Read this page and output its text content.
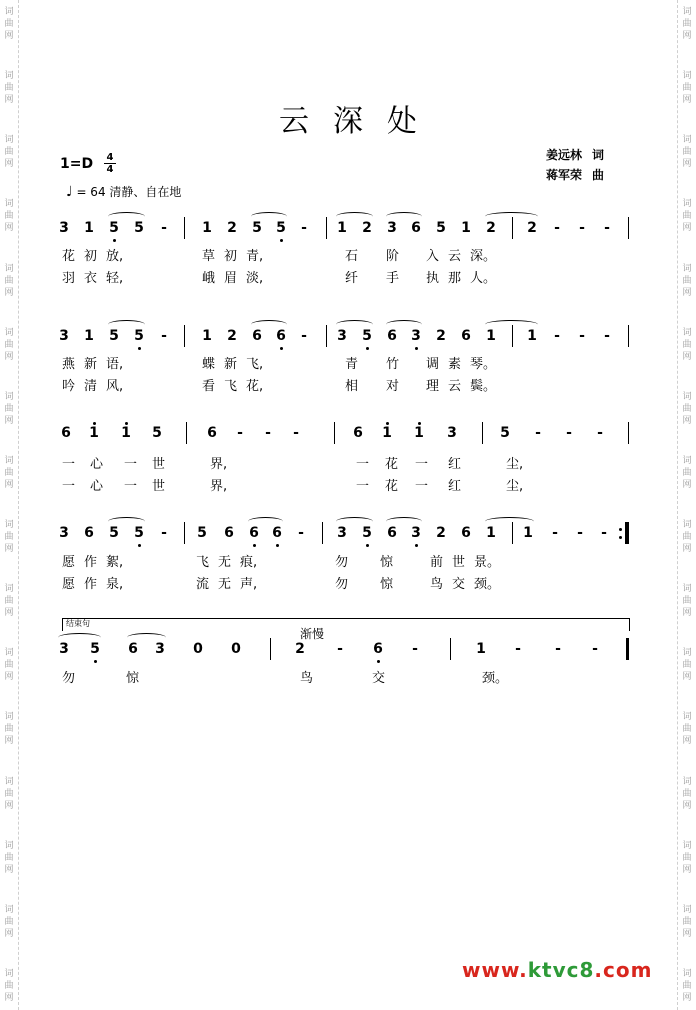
词
曲
网
词
曲
网
词
曲
网
词
曲
网
词
曲
网
词
曲
网
词
曲
网
词
曲
网
词
曲
网
词
曲
网
词
曲
网
词
曲
网
词
曲
网
词
曲
网
词
曲
网
词
曲
网
词
曲
网
词
曲
网
词
曲
网
词
曲
网
词
曲
网
词
曲
网
词
曲
网
词
曲
网
词
曲
网
词
曲
网
词
曲
网
词
曲
网
词
曲
网
词
曲
网
词
曲
网
词
曲
网
云深处
1=D 4
4
♩ = 64 清静、自在地
姜远林 词
蒋军荣 曲
3 1 5 5 -	1 2 5 5 - 1 2 3 6 5 1 2 2 - - -
花 初 放,	草 初 青,	石 阶 入 云 深。
羽 衣 轻,	峨 眉 淡,	纤 手 执 那 人。
3 1 5 5 -	1 2 6 6 - 3 5 6 3 2 6 1 1 - - -
燕 新 语,	蝶 新 飞,	青 竹 调 素 琴。
吟 清 风,	看 飞 花,	相 对 理 云 鬓。
6 1 1 5	6 - - -	6 1 1 3	5 - - -
一 心 一 世	界,	一 花 一 红	尘,
一 心 一 世	界,	一 花 一 红	尘,
3 6 5 5 - 5 6 6 6 - 3 5 6 3 2 6 1 1 - - -
愿 作 絮,	飞 无 痕,	勿 惊	前 世 景。
愿 作 泉,	流 无 声,	勿 惊	鸟 交 颈。
3 5 6 3 0 0	2 - 6 -	1 - - -
勿	惊	鸟	交	颈。
结束句
渐慢
www.ktvc8.com
